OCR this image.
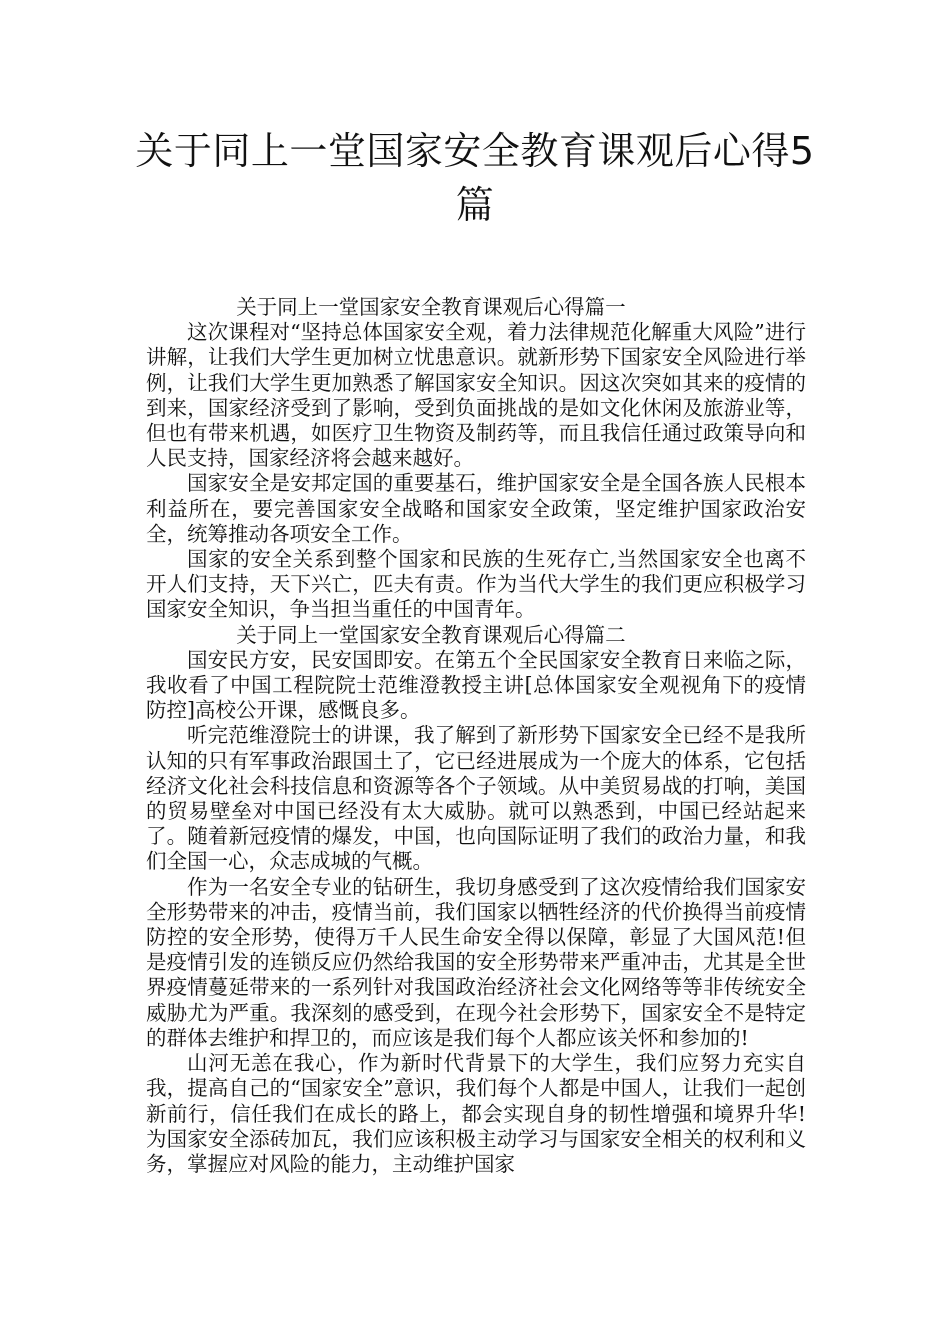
关于同上一堂国家安全教育课观后心得5篇

关于同上一堂国家安全教育课观后心得篇一

这次课程对“坚持总体国家安全观，着力法律规范化解重大风险”进行讲解，让我们大学生更加树立忧患意识。就新形势下国家安全风险进行举例，让我们大学生更加熟悉了解国家安全知识。因这次突如其来的疫情的到来，国家经济受到了影响，受到负面挑战的是如文化休闲及旅游业等，但也有带来机遇，如医疗卫生物资及制药等，而且我信任通过政策导向和人民支持，国家经济将会越来越好。

国家安全是安邦定国的重要基石，维护国家安全是全国各族人民根本利益所在，要完善国家安全战略和国家安全政策，坚定维护国家政治安全，统筹推动各项安全工作。

国家的安全关系到整个国家和民族的生死存亡,当然国家安全也离不开人们支持，天下兴亡，匹夫有责。作为当代大学生的我们更应积极学习国家安全知识，争当担当重任的中国青年。

关于同上一堂国家安全教育课观后心得篇二

国安民方安，民安国即安。在第五个全民国家安全教育日来临之际，我收看了中国工程院院士范维澄教授主讲[总体国家安全观视角下的疫情防控]高校公开课，感慨良多。

听完范维澄院士的讲课，我了解到了新形势下国家安全已经不是我所认知的只有军事政治跟国土了，它已经进展成为一个庞大的体系，它包括经济文化社会科技信息和资源等各个子领域。从中美贸易战的打响，美国的贸易壁垒对中国已经没有太大威胁。就可以熟悉到，中国已经站起来了。随着新冠疫情的爆发，中国，也向国际证明了我们的政治力量，和我们全国一心，众志成城的气概。

作为一名安全专业的钻研生，我切身感受到了这次疫情给我们国家安全形势带来的冲击，疫情当前，我们国家以牺牲经济的代价换得当前疫情防控的安全形势，使得万千人民生命安全得以保障，彰显了大国风范!但是疫情引发的连锁反应仍然给我国的安全形势带来严重冲击，尤其是全世界疫情蔓延带来的一系列针对我国政治经济社会文化网络等等非传统安全威胁尤为严重。我深刻的感受到，在现今社会形势下，国家安全不是特定的群体去维护和捍卫的，而应该是我们每个人都应该关怀和参加的!

山河无恙在我心，作为新时代背景下的大学生，我们应努力充实自我，提高自己的“国家安全”意识，我们每个人都是中国人，让我们一起创新前行，信任我们在成长的路上，都会实现自身的韧性增强和境界升华!为国家安全添砖加瓦，我们应该积极主动学习与国家安全相关的权利和义务，掌握应对风险的能力，主动维护国家
